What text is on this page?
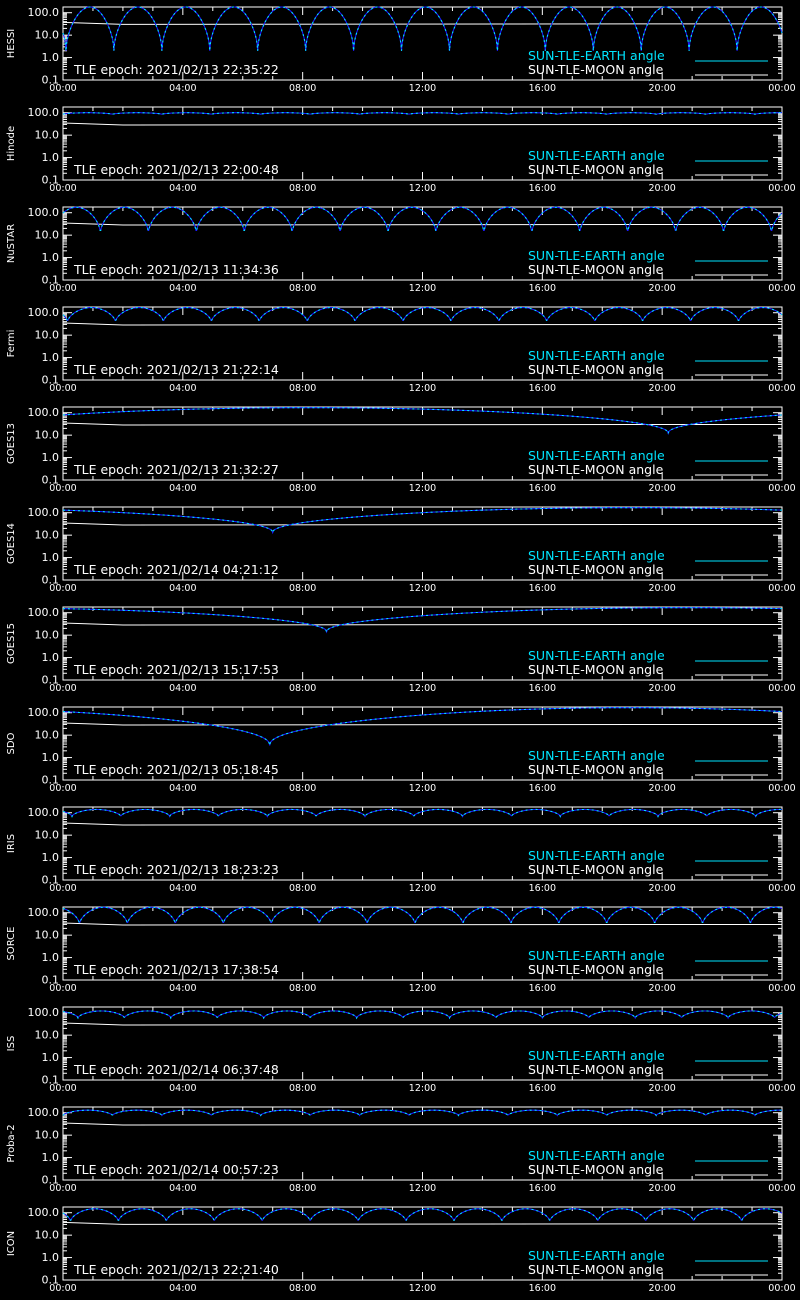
0.1
1.0
10.0
100.0
00:00	04:00	08:00	12:00	16:00	20:00	00:00
HESSI	SUN-TLE-EARTH angle
SUN-TLE-MOON angle
TLE epoch: 2021/02/13 22:35:22
0.1
1.0
10.0
100.0
00:00	04:00	08:00	12:00	16:00	20:00	00:00
Hinode	SUN-TLE-EARTH angle
SUN-TLE-MOON angle
TLE epoch: 2021/02/13 22:00:48
0.1
1.0
10.0
100.0
00:00	04:00	08:00	12:00	16:00	20:00	00:00
NuSTAR	SUN-TLE-EARTH angle
SUN-TLE-MOON angle
TLE epoch: 2021/02/13 11:34:36
0.1
1.0
10.0
100.0
00:00	04:00	08:00	12:00	16:00	20:00	00:00
Fermi	SUN-TLE-EARTH angle
SUN-TLE-MOON angle
TLE epoch: 2021/02/13 21:22:14
0.1
1.0
10.0
100.0
00:00	04:00	08:00	12:00	16:00	20:00	00:00
GOES13	SUN-TLE-EARTH angle
SUN-TLE-MOON angle
TLE epoch: 2021/02/13 21:32:27
0.1
1.0
10.0
100.0
00:00	04:00	08:00	12:00	16:00	20:00	00:00
GOES14	SUN-TLE-EARTH angle
SUN-TLE-MOON angle
TLE epoch: 2021/02/14 04:21:12
0.1
1.0
10.0
100.0
00:00	04:00	08:00	12:00	16:00	20:00	00:00
GOES15	SUN-TLE-EARTH angle
SUN-TLE-MOON angle
TLE epoch: 2021/02/13 15:17:53
0.1
1.0
10.0
100.0
00:00	04:00	08:00	12:00	16:00	20:00	00:00
SDO
SUN-TLE-EARTH angle
SUN-TLE-MOON angle
TLE epoch: 2021/02/13 05:18:45
0.1
1.0
10.0
100.0
00:00	04:00	08:00	12:00	16:00	20:00	00:00
IRIS
SUN-TLE-EARTH angle
SUN-TLE-MOON angle
TLE epoch: 2021/02/13 18:23:23
0.1
1.0
10.0
100.0
00:00	04:00	08:00	12:00	16:00	20:00	00:00
SORCE	SUN-TLE-EARTH angle
SUN-TLE-MOON angle
TLE epoch: 2021/02/13 17:38:54
0.1
1.0
10.0
100.0
00:00	04:00	08:00	12:00	16:00	20:00	00:00
ISS
SUN-TLE-EARTH angle
SUN-TLE-MOON angle
TLE epoch: 2021/02/14 06:37:48
0.1
1.0
10.0
100.0
00:00	04:00	08:00	12:00	16:00	20:00	00:00
Proba-2	SUN-TLE-EARTH angle
SUN-TLE-MOON angle
TLE epoch: 2021/02/14 00:57:23
0.1
1.0
10.0
100.0
00:00	04:00	08:00	12:00	16:00	20:00	00:00
ICON	SUN-TLE-EARTH angle
SUN-TLE-MOON angle
TLE epoch: 2021/02/13 22:21:40
